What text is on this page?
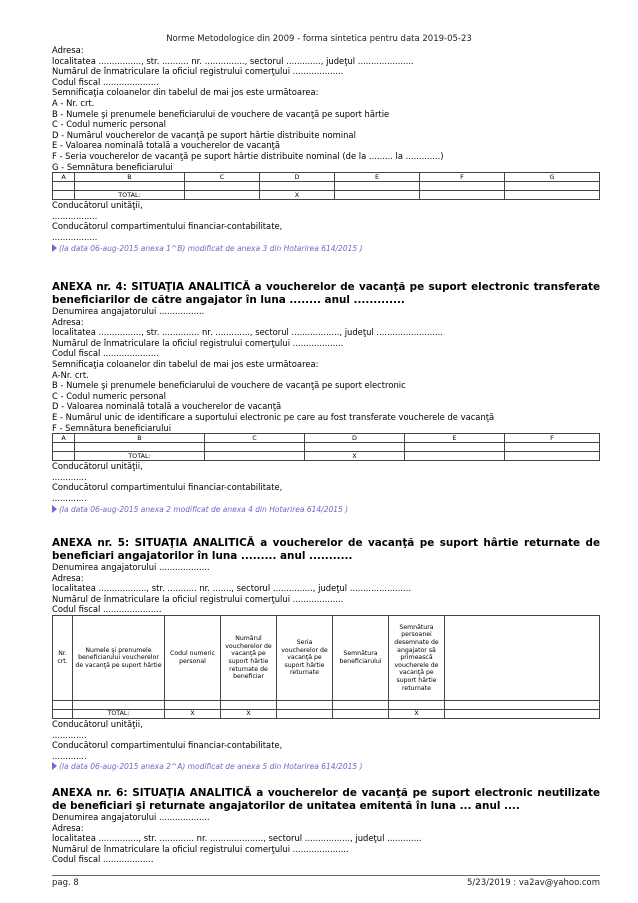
Norme Metodologice din 2009 - forma sintetica pentru data 2019-05-23
Adresa:
localitatea ................, str. .......... nr. ..............., sectorul ............., judeţul .....................
Numărul de înmatriculare la oficiul registrului comerţului ...................
Codul fiscal .....................
Semnificaţia coloanelor din tabelul de mai jos este următoarea:
A - Nr. crt.
B - Numele şi prenumele beneficiarului de vouchere de vacanţă pe suport hârtie
C - Codul numeric personal
D - Numărul voucherelor de vacanţă pe suport hârtie distribuite nominal
E - Valoarea nominală totală a voucherelor de vacanţă
F - Seria voucherelor de vacanţă pe suport hârtie distribuite nominal (de la ......... la .............)
G - Semnătura beneficiarului
A	B	C	D	E	F	G

	TOTAL:		X			
Conducătorul unităţii,
.................
Conducătorul compartimentului financiar-contabilitate,
.................
(la data 06-aug-2015 anexa 1^B) modificat de anexa 3 din Hotarirea 614/2015 )
ANEXA nr. 4: SITUAŢIA ANALITICĂ a voucherelor de vacanţă pe suport electronic transferate beneficiarilor de către angajator în luna ........ anul .............
Denumirea angajatorului .................
Adresa:
localitatea ................, str. .............. nr. ............., sectorul .................., judeţul .........................
Numărul de înmatriculare la oficiul registrului comerţului ...................
Codul fiscal .....................
Semnificaţia coloanelor din tabelul de mai jos este următoarea:
A-Nr. crt.
B - Numele şi prenumele beneficiarului de vouchere de vacanţă pe suport electronic
C - Codul numeric personal
D - Valoarea nominală totală a voucherelor de vacanţă
E - Numărul unic de identificare a suportului electronic pe care au fost transferate voucherele de vacanţă
F - Semnătura beneficiarului
A	B	C	D	E	F

	TOTAL:		X		
Conducătorul unităţii,
.............
Conducătorul compartimentului financiar-contabilitate,
.............
(la data 06-aug-2015 anexa 2 modificat de anexa 4 din Hotarirea 614/2015 )
ANEXA nr. 5: SITUAŢIA ANALITICĂ a voucherelor de vacanţă pe suport hârtie returnate de beneficiari angajatorilor în luna ......... anul ...........
Denumirea angajatorului ...................
Adresa:
localitatea .................., str. ........... nr. ......., sectorul ..............., judeţul .......................
Numărul de înmatriculare la oficiul registrului comerţului ...................
Codul fiscal ......................
Nr. crt.	Numele şi prenumele beneficiarului voucherelor de vacanţă pe suport hârtie	Codul numeric personal	Numărul voucherelor de vacanţă pe suport hârtie returnate de beneficiar	Seria voucherelor de vacanţă pe suport hârtie returnate	Semnătura beneficiarului	Semnătura persoanei desemnate de angajator să primească voucherele de vacanţă pe suport hârtie returnate	

	TOTAL:	X	X			X	
Conducătorul unităţii,
.............
Conducătorul compartimentului financiar-contabilitate,
.............
(la data 06-aug-2015 anexa 2^A) modificat de anexa 5 din Hotarirea 614/2015 )
ANEXA nr. 6: SITUAŢIA ANALITICĂ a voucherelor de vacanţă pe suport electronic neutilizate de beneficiari şi returnate angajatorilor de unitatea emitentă în luna ... anul ....
Denumirea angajatorului ...................
Adresa:
localitatea ..............., str. ............. nr. ...................., sectorul ................., judeţul .............
Numărul de înmatriculare la oficiul registrului comerţului .....................
Codul fiscal ...................
pag. 8	5/23/2019 : va2av@yahoo.com
